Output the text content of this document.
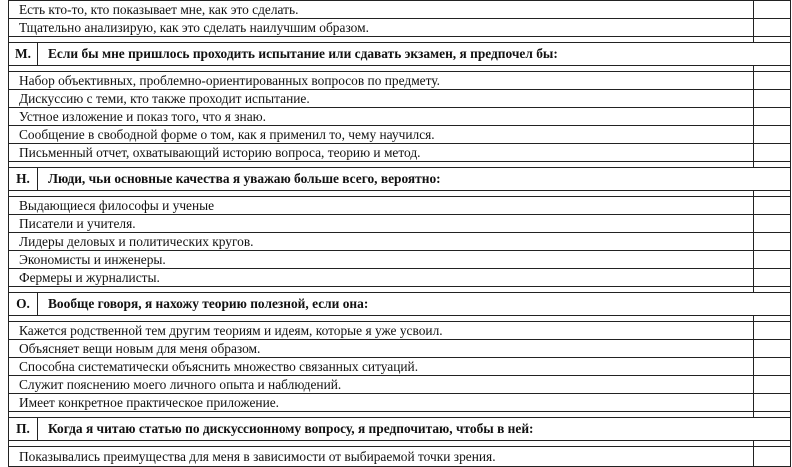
Есть кто-то, кто показывает мне, как это сделать.	
Тщательно анализирую, как это сделать наилучшим образом.	

М. Если бы мне пришлось проходить испытание или сдавать экзамен, я предпочел бы:	

Набор объективных, проблемно-ориентированных вопросов по предмету.	
Дискуссию с теми, кто также проходит испытание.	
Устное изложение и показ того, что я знаю.	
Сообщение в свободной форме о том, как я применил то, чему научился.	
Письменный отчет, охватывающий историю вопроса, теорию и метод.	

Н. Люди, чьи основные качества я уважаю больше всего, вероятно:	

Выдающиеся философы и ученые	
Писатели и учителя.	
Лидеры деловых и политических кругов.	
Экономисты и инженеры.	
Фермеры и журналисты.	

О. Вообще говоря, я нахожу теорию полезной, если она:	

Кажется родственной тем другим теориям и идеям, которые я уже усвоил.	
Объясняет вещи новым для меня образом.	
Способна систематически объяснить множество связанных ситуаций.	
Служит пояснению моего личного опыта и наблюдений.	
Имеет конкретное практическое приложение.	

П. Когда я читаю статью по дискуссионному вопросу, я предпочитаю, чтобы в ней:	

Показывались преимущества для меня в зависимости от выбираемой точки зрения.	
